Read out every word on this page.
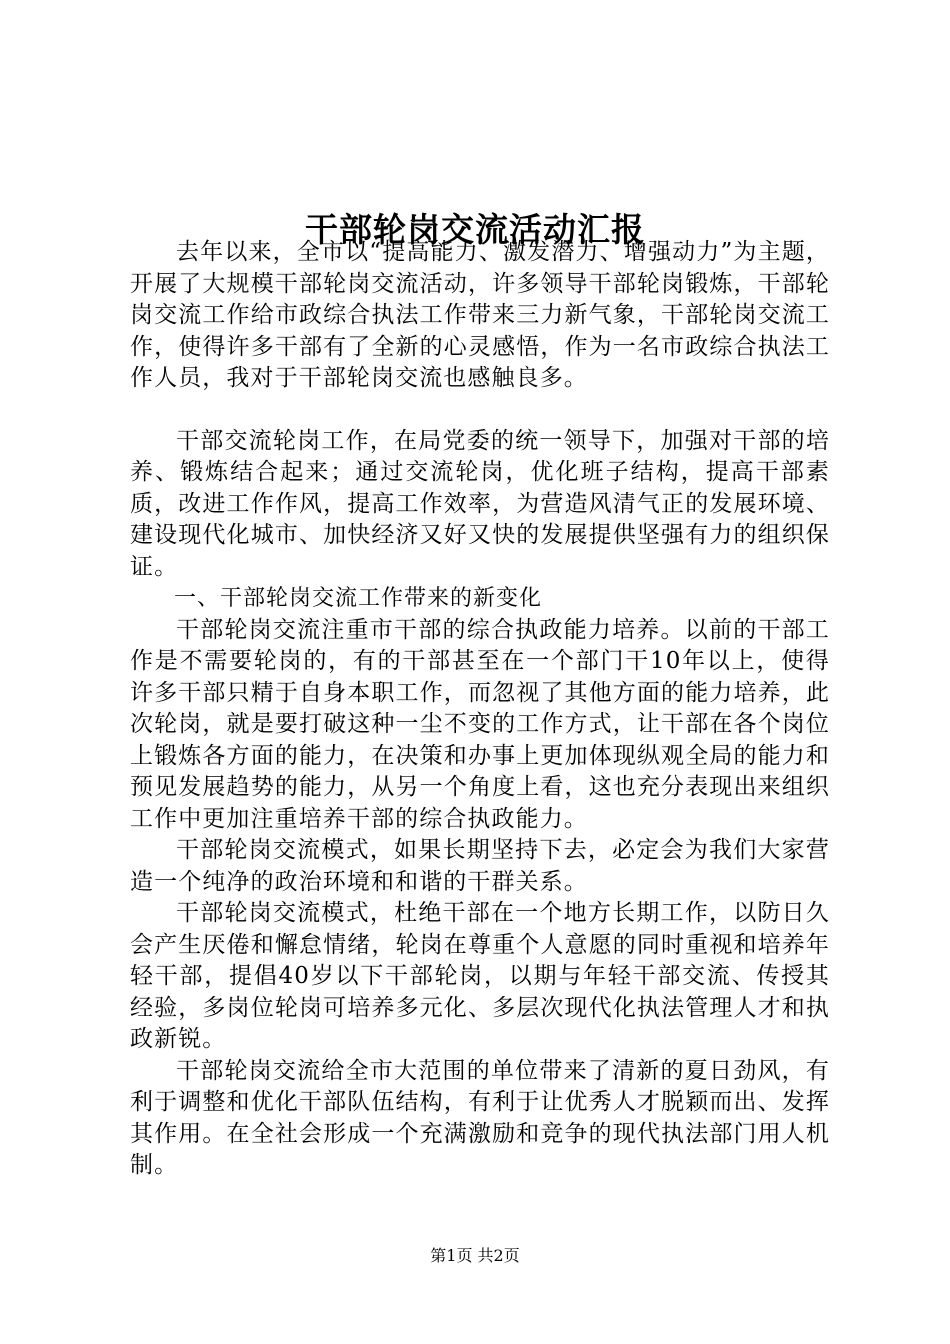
干部轮岗交流活动汇报

去年以来，全市以“提高能力、激发潜力、增强动力”为主题，开展了大规模干部轮岗交流活动，许多领导干部轮岗锻炼，干部轮岗交流工作给市政综合执法工作带来三力新气象，干部轮岗交流工作，使得许多干部有了全新的心灵感悟，作为一名市政综合执法工作人员，我对于干部轮岗交流也感触良多。

干部交流轮岗工作，在局党委的统一领导下，加强对干部的培养、锻炼结合起来；通过交流轮岗，优化班子结构，提高干部素质，改进工作作风，提高工作效率，为营造风清气正的发展环境、建设现代化城市、加快经济又好又快的发展提供坚强有力的组织保证。

一、干部轮岗交流工作带来的新变化

干部轮岗交流注重市干部的综合执政能力培养。以前的干部工作是不需要轮岗的，有的干部甚至在一个部门干10年以上，使得许多干部只精于自身本职工作，而忽视了其他方面的能力培养，此次轮岗，就是要打破这种一尘不变的工作方式，让干部在各个岗位上锻炼各方面的能力，在决策和办事上更加体现纵观全局的能力和预见发展趋势的能力，从另一个角度上看，这也充分表现出来组织工作中更加注重培养干部的综合执政能力。

干部轮岗交流模式，如果长期坚持下去，必定会为我们大家营造一个纯净的政治环境和和谐的干群关系。

干部轮岗交流模式，杜绝干部在一个地方长期工作，以防日久会产生厌倦和懈怠情绪，轮岗在尊重个人意愿的同时重视和培养年轻干部，提倡40岁以下干部轮岗，以期与年轻干部交流、传授其经验，多岗位轮岗可培养多元化、多层次现代化执法管理人才和执政新锐。

干部轮岗交流给全市大范围的单位带来了清新的夏日劲风，有利于调整和优化干部队伍结构，有利于让优秀人才脱颖而出、发挥其作用。在全社会形成一个充满激励和竞争的现代执法部门用人机制。

第1页 共2页
